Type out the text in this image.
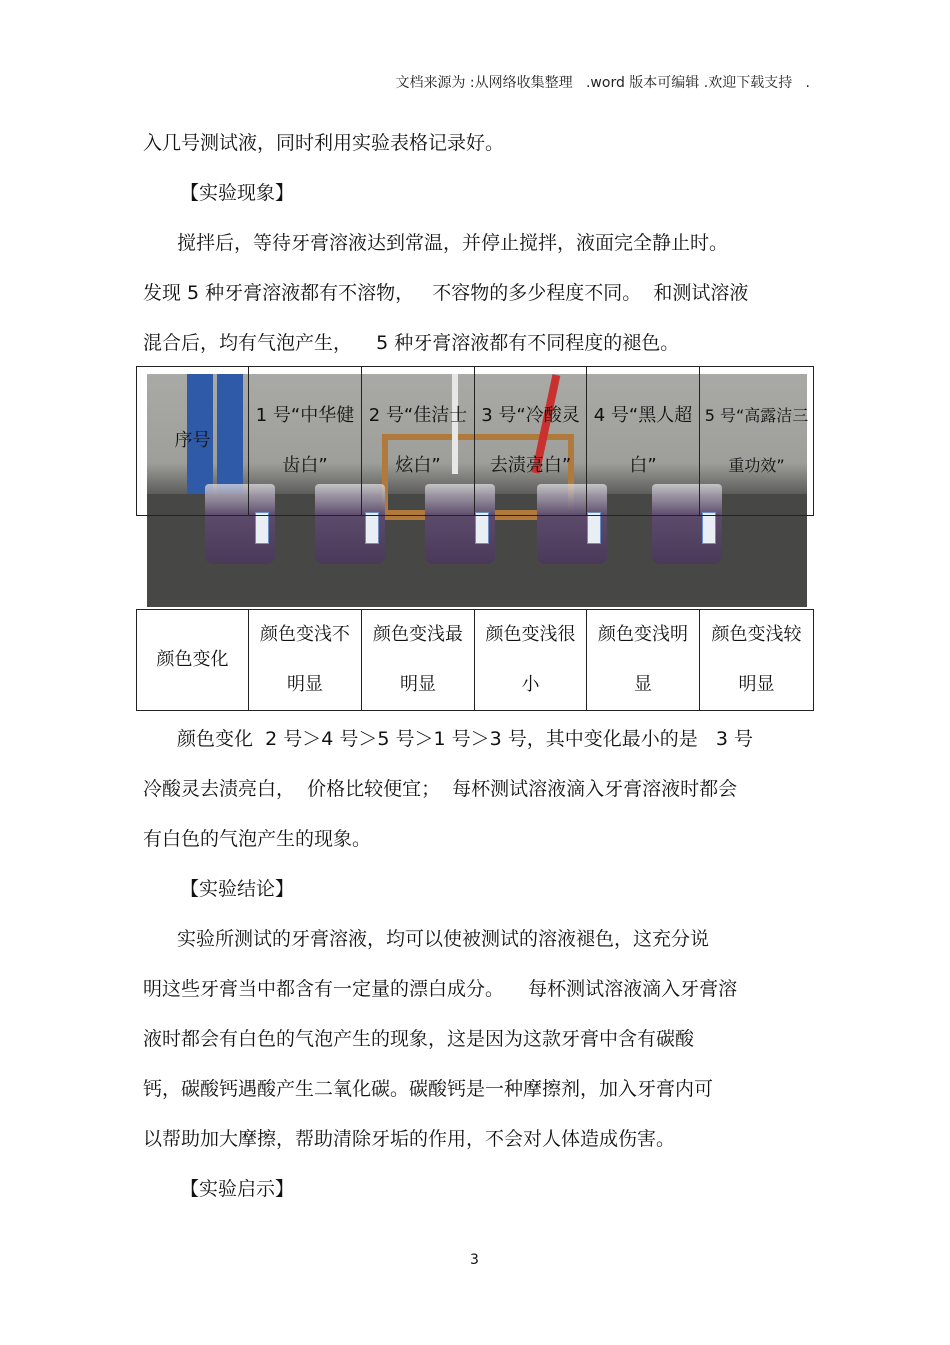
文档来源为 :从网络收集整理   .word 版本可编辑 .欢迎下载支持   .

入几号测试液，同时利用实验表格记录好。

【实验现象】

搅拌后，等待牙膏溶液达到常温，并停止搅拌，液面完全静止时。

发现 5 种牙膏溶液都有不溶物，   不容物的多少程度不同。  和测试溶液

混合后，均有气泡产生，    5 种牙膏溶液都有不同程度的褪色。

序号	1 号“中华健齿白”	2 号“佳洁士炫白”	3 号“冷酸灵去渍亮白”	4 号“黑人超白”	5 号“高露洁三重功效”
颜色变化	颜色变浅不明显	颜色变浅最明显	颜色变浅很小	颜色变浅明显	颜色变浅较明显

颜色变化  2 号＞4 号＞5 号＞1 号＞3 号，其中变化最小的是   3 号

冷酸灵去渍亮白，  价格比较便宜；  每杯测试溶液滴入牙膏溶液时都会

有白色的气泡产生的现象。

【实验结论】

实验所测试的牙膏溶液，均可以使被测试的溶液褪色，这充分说

明这些牙膏当中都含有一定量的漂白成分。    每杯测试溶液滴入牙膏溶

液时都会有白色的气泡产生的现象，这是因为这款牙膏中含有碳酸

钙，碳酸钙遇酸产生二氧化碳。碳酸钙是一种摩擦剂，加入牙膏内可

以帮助加大摩擦，帮助清除牙垢的作用，不会对人体造成伤害。

【实验启示】

3
